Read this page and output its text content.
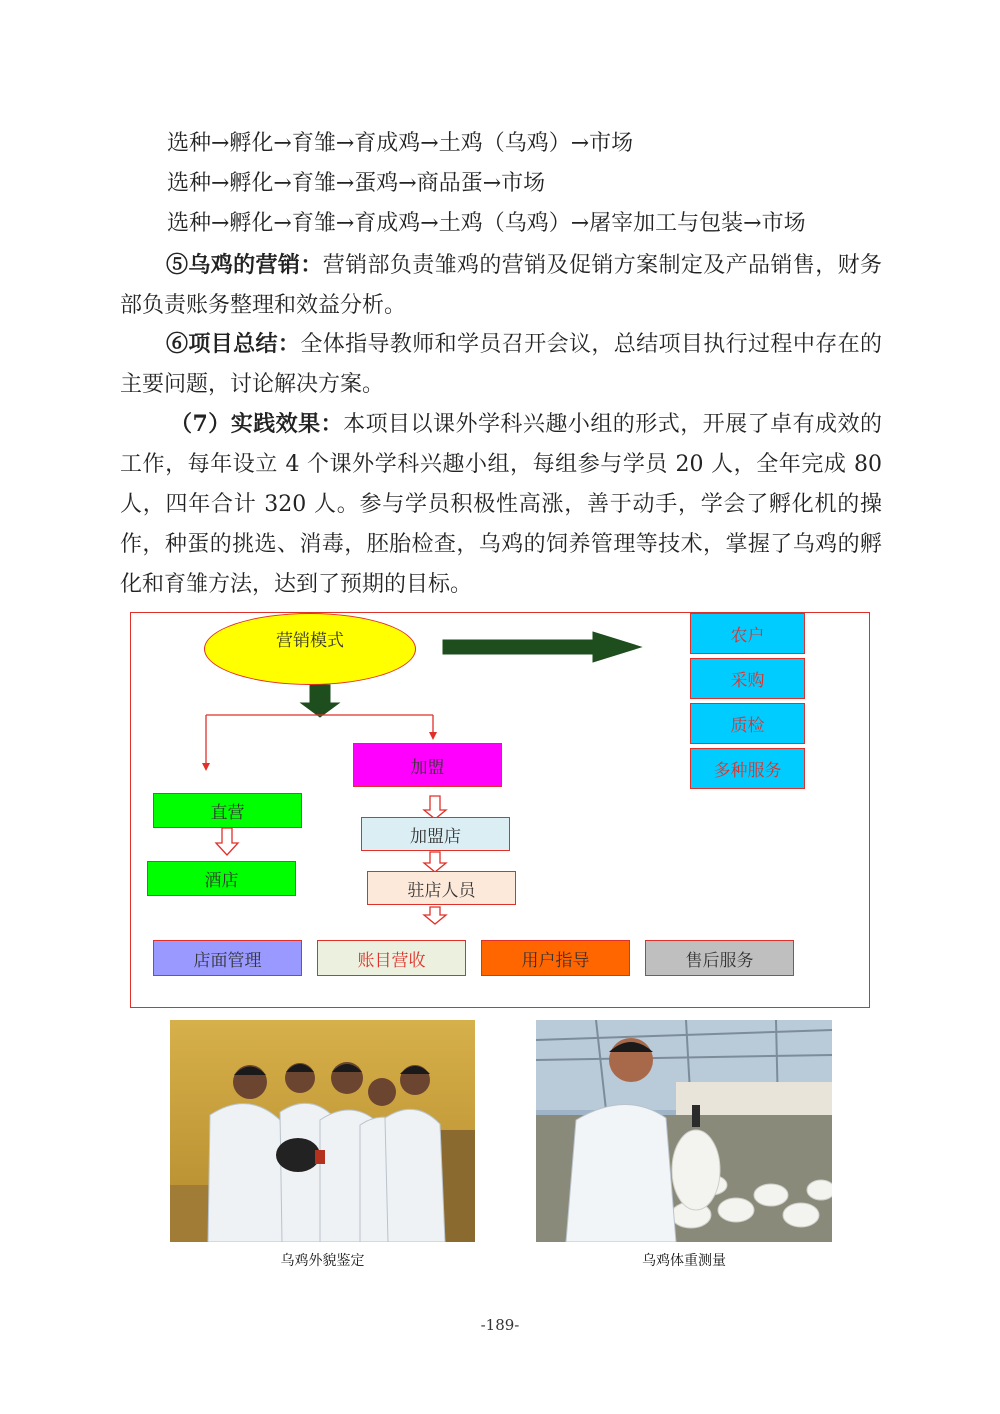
选种→孵化→育雏→育成鸡→土鸡（乌鸡）→市场
选种→孵化→育雏→蛋鸡→商品蛋→市场
选种→孵化→育雏→育成鸡→土鸡（乌鸡）→屠宰加工与包装→市场
⑤乌鸡的营销：营销部负责雏鸡的营销及促销方案制定及产品销售，财务部负责账务整理和效益分析。
⑥项目总结：全体指导教师和学员召开会议，总结项目执行过程中存在的主要问题，讨论解决方案。
（7）实践效果：本项目以课外学科兴趣小组的形式，开展了卓有成效的工作，每年设立 4 个课外学科兴趣小组，每组参与学员 20 人，全年完成 80 人，四年合计 320 人。参与学员积极性高涨，善于动手，学会了孵化机的操作，种蛋的挑选、消毒，胚胎检查，乌鸡的饲养管理等技术，掌握了乌鸡的孵化和育雏方法，达到了预期的目标。
营销模式	农户
采购
质检
多种服务
加盟
加盟店
驻店人员
直营
酒店
店面管理	账目营收	用户指导	售后服务
乌鸡外貌鉴定	乌鸡体重测量
-189-
